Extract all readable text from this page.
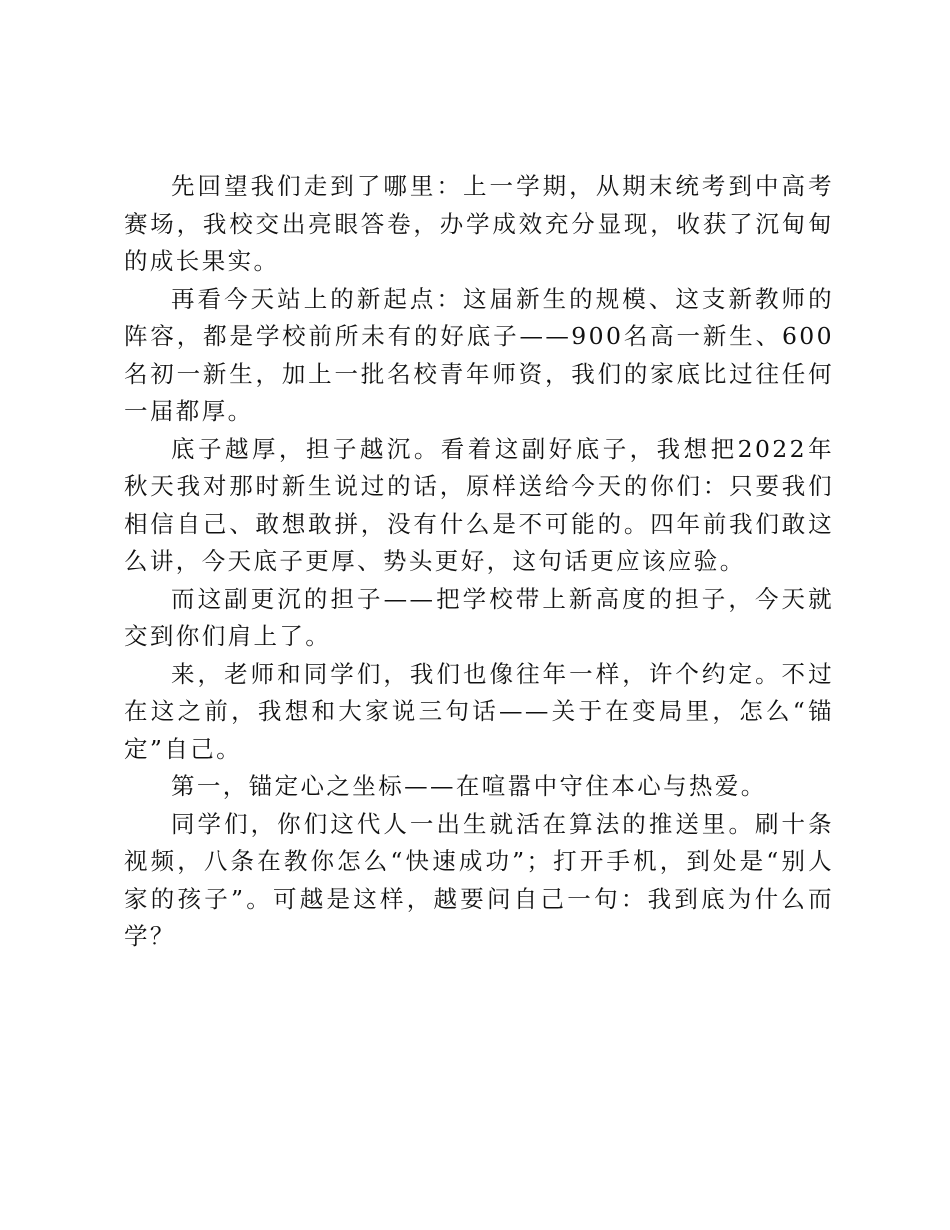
先回望我们走到了哪里：上一学期，从期末统考到中高考赛场，我校交出亮眼答卷，办学成效充分显现，收获了沉甸甸的成长果实。

再看今天站上的新起点：这届新生的规模、这支新教师的阵容，都是学校前所未有的好底子——900名高一新生、600名初一新生，加上一批名校青年师资，我们的家底比过往任何一届都厚。

底子越厚，担子越沉。看着这副好底子，我想把2022年秋天我对那时新生说过的话，原样送给今天的你们：只要我们相信自己、敢想敢拼，没有什么是不可能的。四年前我们敢这么讲，今天底子更厚、势头更好，这句话更应该应验。

而这副更沉的担子——把学校带上新高度的担子，今天就交到你们肩上了。

来，老师和同学们，我们也像往年一样，许个约定。不过在这之前，我想和大家说三句话——关于在变局里，怎么“锚定”自己。

第一，锚定心之坐标——在喧嚣中守住本心与热爱。

同学们，你们这代人一出生就活在算法的推送里。刷十条视频，八条在教你怎么“快速成功”；打开手机，到处是“别人家的孩子”。可越是这样，越要问自己一句：我到底为什么而学？
